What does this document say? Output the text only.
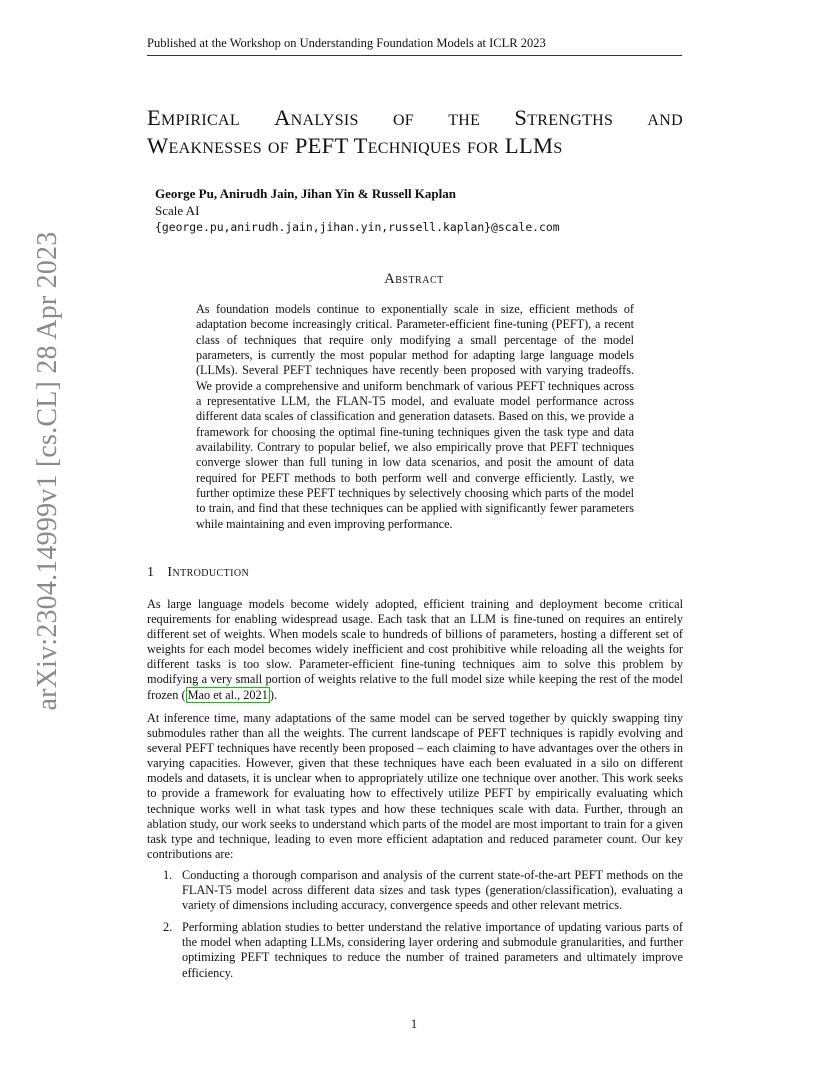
arXiv:2304.14999v1 [cs.CL] 28 Apr 2023
Published at the Workshop on Understanding Foundation Models at ICLR 2023
Empirical Analysis of the Strengths and
Weaknesses of PEFT Techniques for LLMs
George Pu, Anirudh Jain, Jihan Yin & Russell Kaplan
Scale AI
{george.pu,anirudh.jain,jihan.yin,russell.kaplan}@scale.com
Abstract
As foundation models continue to exponentially scale in size, efficient methods of adaptation become increasingly critical. Parameter-efficient fine-tuning (PEFT), a recent class of techniques that require only modifying a small percentage of the model parameters, is currently the most popular method for adapting large language models (LLMs). Several PEFT techniques have recently been proposed with varying tradeoffs. We provide a comprehensive and uniform benchmark of various PEFT techniques across a representative LLM, the FLAN-T5 model, and evaluate model performance across different data scales of classification and generation datasets. Based on this, we provide a framework for choosing the optimal fine-tuning techniques given the task type and data availability. Contrary to popular belief, we also empirically prove that PEFT techniques converge slower than full tuning in low data scenarios, and posit the amount of data required for PEFT methods to both perform well and converge efficiently. Lastly, we further optimize these PEFT techniques by selectively choosing which parts of the model to train, and find that these techniques can be applied with significantly fewer parameters while maintaining and even improving performance.
1 Introduction
As large language models become widely adopted, efficient training and deployment become critical requirements for enabling widespread usage. Each task that an LLM is fine-tuned on requires an entirely different set of weights. When models scale to hundreds of billions of parameters, hosting a different set of weights for each model becomes widely inefficient and cost prohibitive while reloading all the weights for different tasks is too slow. Parameter-efficient fine-tuning techniques aim to solve this problem by modifying a very small portion of weights relative to the full model size while keeping the rest of the model frozen ( Mao et al., 2021 ).
At inference time, many adaptations of the same model can be served together by quickly swapping tiny submodules rather than all the weights. The current landscape of PEFT techniques is rapidly evolving and several PEFT techniques have recently been proposed – each claiming to have advantages over the others in varying capacities. However, given that these techniques have each been evaluated in a silo on different models and datasets, it is unclear when to appropriately utilize one technique over another. This work seeks to provide a framework for evaluating how to effectively utilize PEFT by empirically evaluating which technique works well in what task types and how these techniques scale with data. Further, through an ablation study, our work seeks to understand which parts of the model are most important to train for a given task type and technique, leading to even more efficient adaptation and reduced parameter count. Our key contributions are:
1. Conducting a thorough comparison and analysis of the current state-of-the-art PEFT methods on the FLAN-T5 model across different data sizes and task types (generation/classification), evaluating a variety of dimensions including accuracy, convergence speeds and other relevant metrics.
2. Performing ablation studies to better understand the relative importance of updating various parts of the model when adapting LLMs, considering layer ordering and submodule granularities, and further optimizing PEFT techniques to reduce the number of trained parameters and ultimately improve efficiency.
1
